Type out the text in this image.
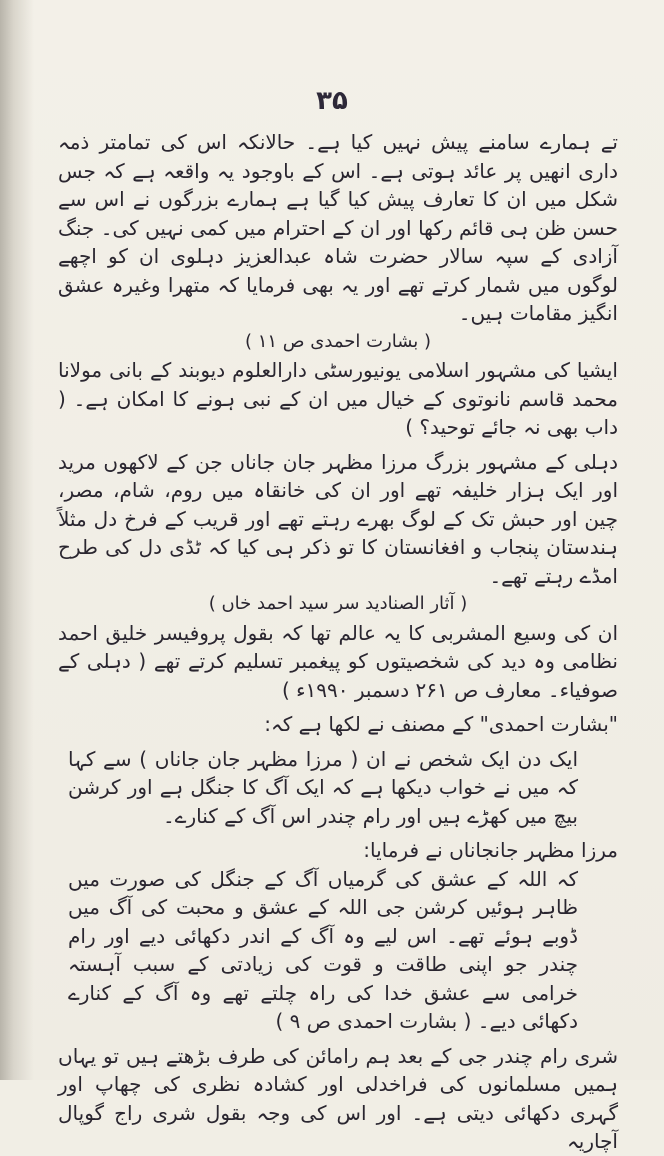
۳۵

تے ہمارے سامنے پیش نہیں کیا ہے۔ حالانکہ اس کی تمامتر ذمہ داری انھیں پر عائد ہوتی ہے۔ اس کے باوجود یہ واقعہ ہے کہ جس شکل میں ان کا تعارف پیش کیا گیا ہے ہمارے بزرگوں نے اس سے حسن ظن ہی قائم رکھا اور ان کے احترام میں کمی نہیں کی۔ جنگ آزادی کے سپہ سالار حضرت شاہ عبدالعزیز دہلوی ان کو اچھے لوگوں میں شمار کرتے تھے اور یہ بھی فرمایا کہ متھرا وغیرہ عشق انگیز مقامات ہیں۔

( بشارت احمدی ص ۱۱ )

ایشیا کی مشہور اسلامی یونیورسٹی دارالعلوم دیوبند کے بانی مولانا محمد قاسم نانوتوی کے خیال میں ان کے نبی ہونے کا امکان ہے۔ ( داب بھی نہ جائے توحید؟ )

دہلی کے مشہور بزرگ مرزا مظہر جان جاناں جن کے لاکھوں مرید اور ایک ہزار خلیفہ تھے اور ان کی خانقاہ میں روم، شام، مصر، چین اور حبش تک کے لوگ بھرے رہتے تھے اور قریب کے فرخ دل مثلاً ہندستان پنجاب و افغانستان کا تو ذکر ہی کیا کہ ٹڈی دل کی طرح امڈے رہتے تھے۔

( آثار الصنادید سر سید احمد خاں )

ان کی وسیع المشربی کا یہ عالم تھا کہ بقول پروفیسر خلیق احمد نظامی وہ دید کی شخصیتوں کو پیغمبر تسلیم کرتے تھے ( دہلی کے صوفیاء۔ معارف ص ۲۶۱ دسمبر ۱۹۹۰ء )

"بشارت احمدی" کے مصنف نے لکھا ہے کہ:

ایک دن ایک شخص نے ان ( مرزا مظہر جان جاناں ) سے کہا کہ میں نے خواب دیکھا ہے کہ ایک آگ کا جنگل ہے اور کرشن بیچ میں کھڑے ہیں اور رام چندر اس آگ کے کنارے۔

مرزا مظہر جانجاناں نے فرمایا:

کہ اللہ کے عشق کی گرمیاں آگ کے جنگل کی صورت میں ظاہر ہوئیں کرشن جی اللہ کے عشق و محبت کی آگ میں ڈوبے ہوئے تھے۔ اس لیے وہ آگ کے اندر دکھائی دیے اور رام چندر جو اپنی طاقت و قوت کی زیادتی کے سبب آہستہ خرامی سے عشق خدا کی راہ چلتے تھے وہ آگ کے کنارے دکھائی دیے۔ ( بشارت احمدی ص ۹ )

شری رام چندر جی کے بعد ہم رامائن کی طرف بڑھتے ہیں تو یہاں ہمیں مسلمانوں کی فراخدلی اور کشادہ نظری کی چھاپ اور گہری دکھائی دیتی ہے۔ اور اس کی وجہ بقول شری راج گوپال آچاریہ
